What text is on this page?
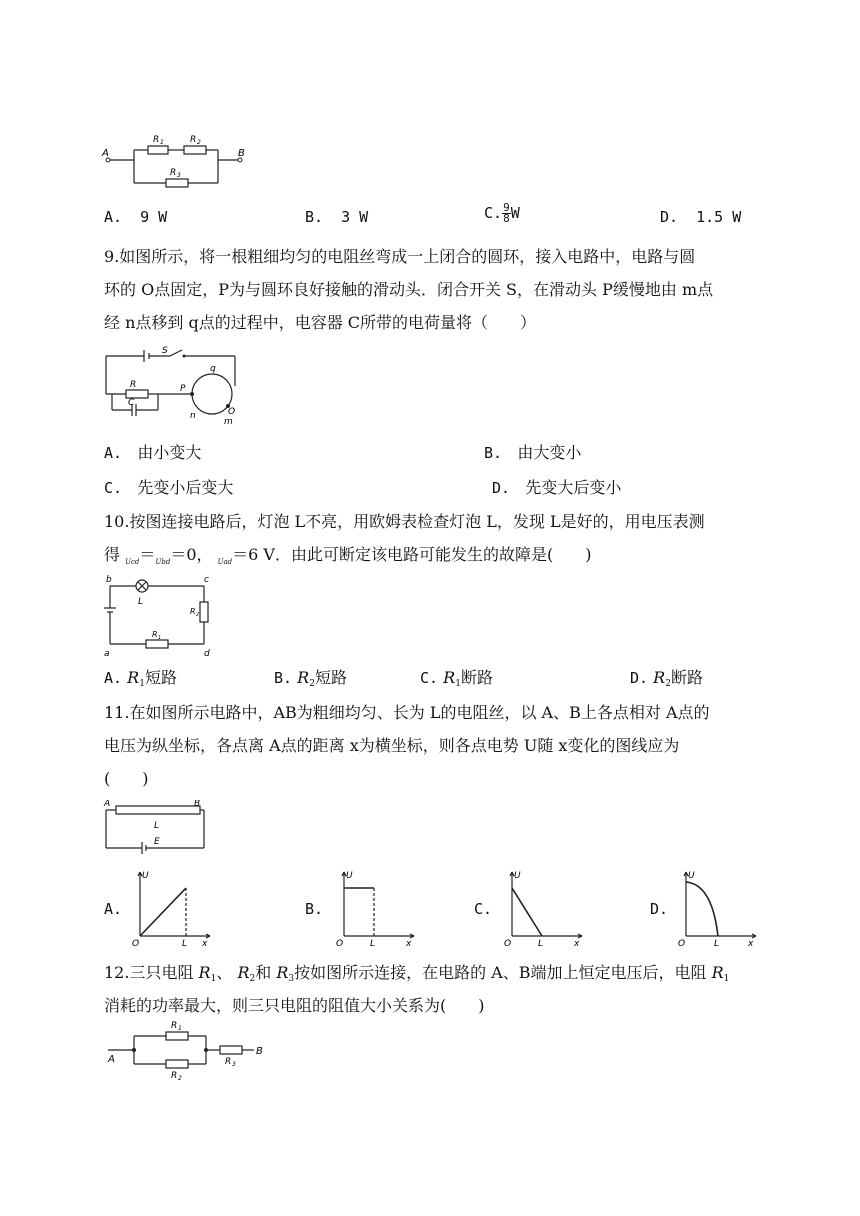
A	B
R 1	R 2
R 3
A. 9 W	B. 3 W	C. $\frac{9}{8}$ W	D. 1.5 W
9.如图所示，将一根粗细均匀的电阻丝弯成一上闭合的圆环，接入电路中，电路与圆
环的 O点固定，P为与圆环良好接触的滑动头．闭合开关 S，在滑动头 P缓慢地由 m点
经 n点移到 q点的过程中，电容器 C所带的电荷量将（　　）
S
R
C
P
q
n	O
m
A. 由小变大	B. 由大变小
C. 先变小后变大	D. 先变大后变小
10.按图连接电路后，灯泡 L不亮，用欧姆表检查灯泡 L，发现 L是好的，用电压表测
得 $_{Ucd}=_{Ubd}=0$， $_{Uad}$＝6 V．由此可断定该电路可能发生的故障是(　　)
b	c
a	d
L
R 2
R 1
A. $R_1$短路	B. $R_2$短路	C. $R_1$断路	D. $R_2$断路
11.在如图所示电路中，AB为粗细均匀、长为 L的电阻丝，以 A、B上各点相对 A点的
电压为纵坐标，各点离 A点的距离 x为横坐标，则各点电势 U随 x变化的图线应为
(　　)
A	B
L
E
A.
U
O	L x
B.
U
O	L	x
C.
U
O	L	x
D.
U
O	L	x
12.三只电阻 $R_1$、 $R_2$和 $R_3$按如图所示连接，在电路的 A、B端加上恒定电压后，电阻 $R_1$
消耗的功率最大，则三只电阻的阻值大小关系为(　　)
A
B
R 1
R 2
R 3
